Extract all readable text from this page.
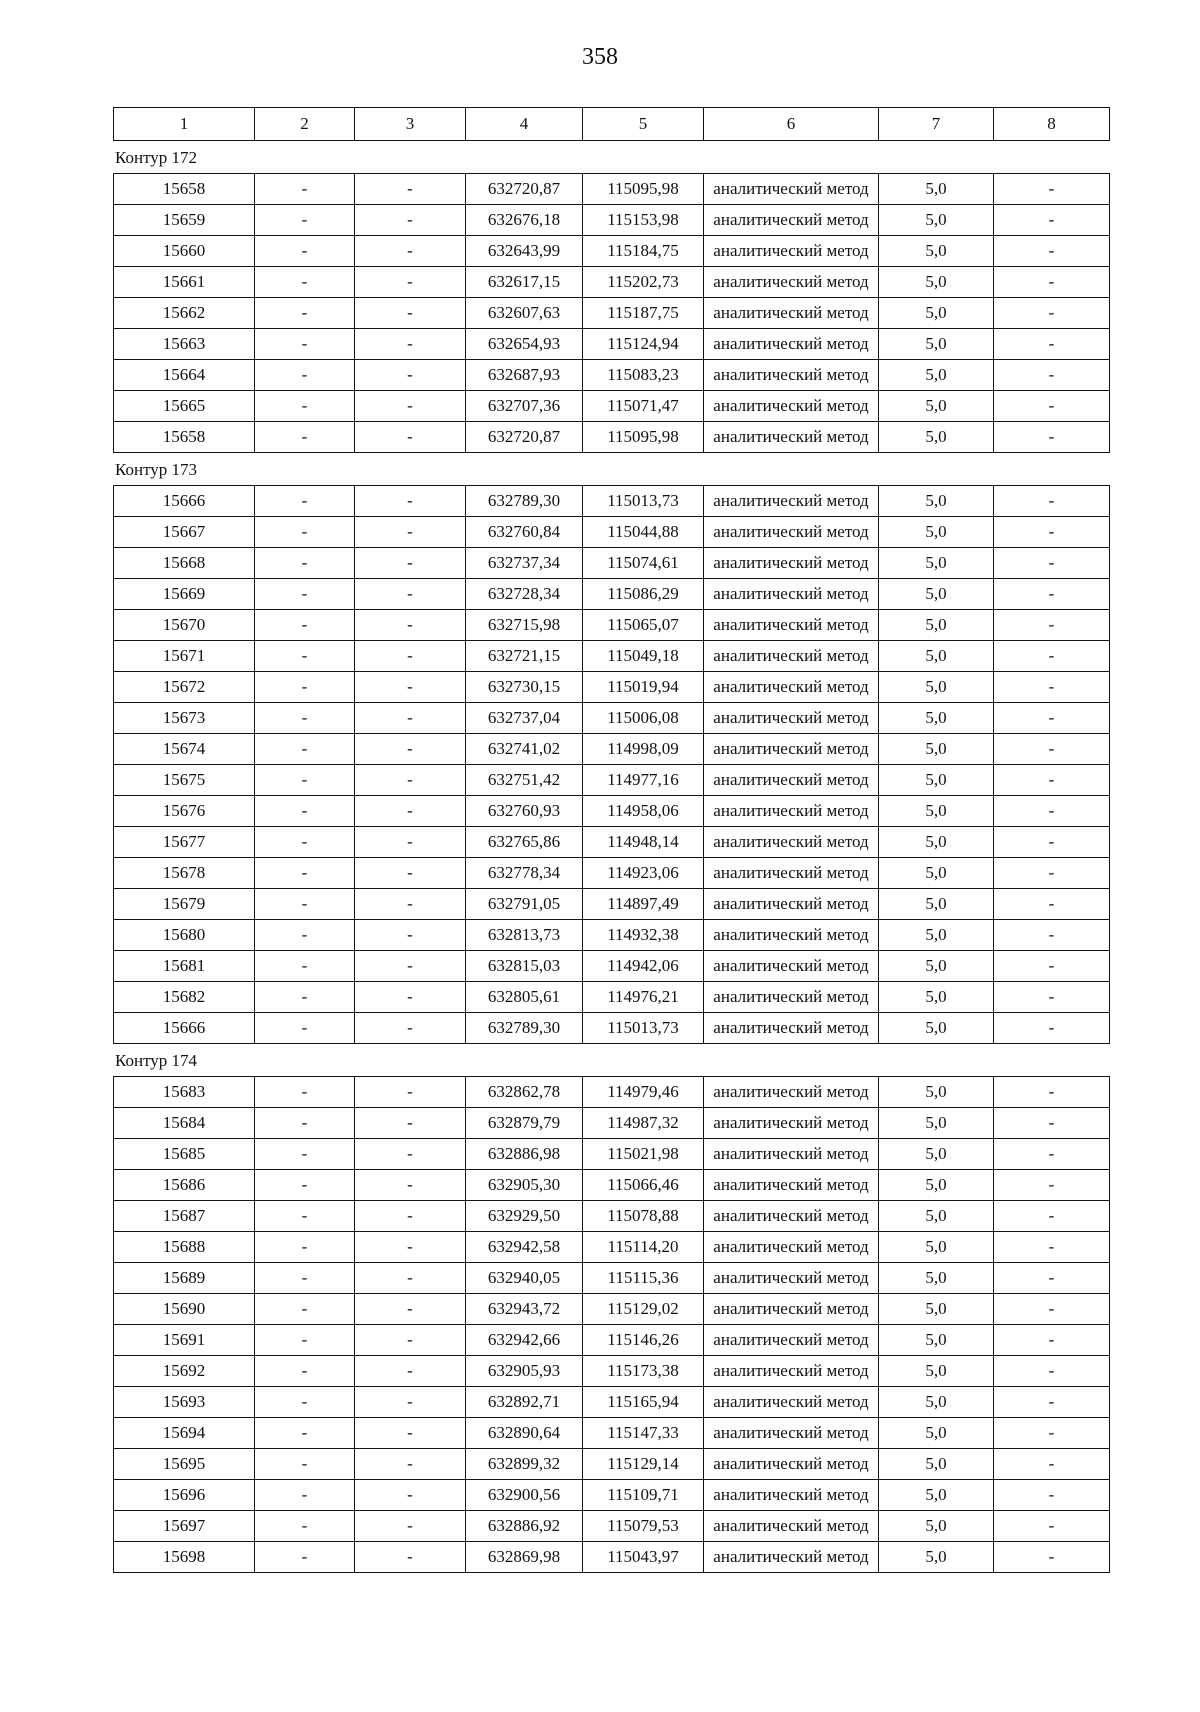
358
1	2	3	4	5	6	7	8
Контур 172
15658	-	-	632720,87	115095,98	аналитический метод	5,0	-
15659	-	-	632676,18	115153,98	аналитический метод	5,0	-
15660	-	-	632643,99	115184,75	аналитический метод	5,0	-
15661	-	-	632617,15	115202,73	аналитический метод	5,0	-
15662	-	-	632607,63	115187,75	аналитический метод	5,0	-
15663	-	-	632654,93	115124,94	аналитический метод	5,0	-
15664	-	-	632687,93	115083,23	аналитический метод	5,0	-
15665	-	-	632707,36	115071,47	аналитический метод	5,0	-
15658	-	-	632720,87	115095,98	аналитический метод	5,0	-
Контур 173
15666	-	-	632789,30	115013,73	аналитический метод	5,0	-
15667	-	-	632760,84	115044,88	аналитический метод	5,0	-
15668	-	-	632737,34	115074,61	аналитический метод	5,0	-
15669	-	-	632728,34	115086,29	аналитический метод	5,0	-
15670	-	-	632715,98	115065,07	аналитический метод	5,0	-
15671	-	-	632721,15	115049,18	аналитический метод	5,0	-
15672	-	-	632730,15	115019,94	аналитический метод	5,0	-
15673	-	-	632737,04	115006,08	аналитический метод	5,0	-
15674	-	-	632741,02	114998,09	аналитический метод	5,0	-
15675	-	-	632751,42	114977,16	аналитический метод	5,0	-
15676	-	-	632760,93	114958,06	аналитический метод	5,0	-
15677	-	-	632765,86	114948,14	аналитический метод	5,0	-
15678	-	-	632778,34	114923,06	аналитический метод	5,0	-
15679	-	-	632791,05	114897,49	аналитический метод	5,0	-
15680	-	-	632813,73	114932,38	аналитический метод	5,0	-
15681	-	-	632815,03	114942,06	аналитический метод	5,0	-
15682	-	-	632805,61	114976,21	аналитический метод	5,0	-
15666	-	-	632789,30	115013,73	аналитический метод	5,0	-
Контур 174
15683	-	-	632862,78	114979,46	аналитический метод	5,0	-
15684	-	-	632879,79	114987,32	аналитический метод	5,0	-
15685	-	-	632886,98	115021,98	аналитический метод	5,0	-
15686	-	-	632905,30	115066,46	аналитический метод	5,0	-
15687	-	-	632929,50	115078,88	аналитический метод	5,0	-
15688	-	-	632942,58	115114,20	аналитический метод	5,0	-
15689	-	-	632940,05	115115,36	аналитический метод	5,0	-
15690	-	-	632943,72	115129,02	аналитический метод	5,0	-
15691	-	-	632942,66	115146,26	аналитический метод	5,0	-
15692	-	-	632905,93	115173,38	аналитический метод	5,0	-
15693	-	-	632892,71	115165,94	аналитический метод	5,0	-
15694	-	-	632890,64	115147,33	аналитический метод	5,0	-
15695	-	-	632899,32	115129,14	аналитический метод	5,0	-
15696	-	-	632900,56	115109,71	аналитический метод	5,0	-
15697	-	-	632886,92	115079,53	аналитический метод	5,0	-
15698	-	-	632869,98	115043,97	аналитический метод	5,0	-
